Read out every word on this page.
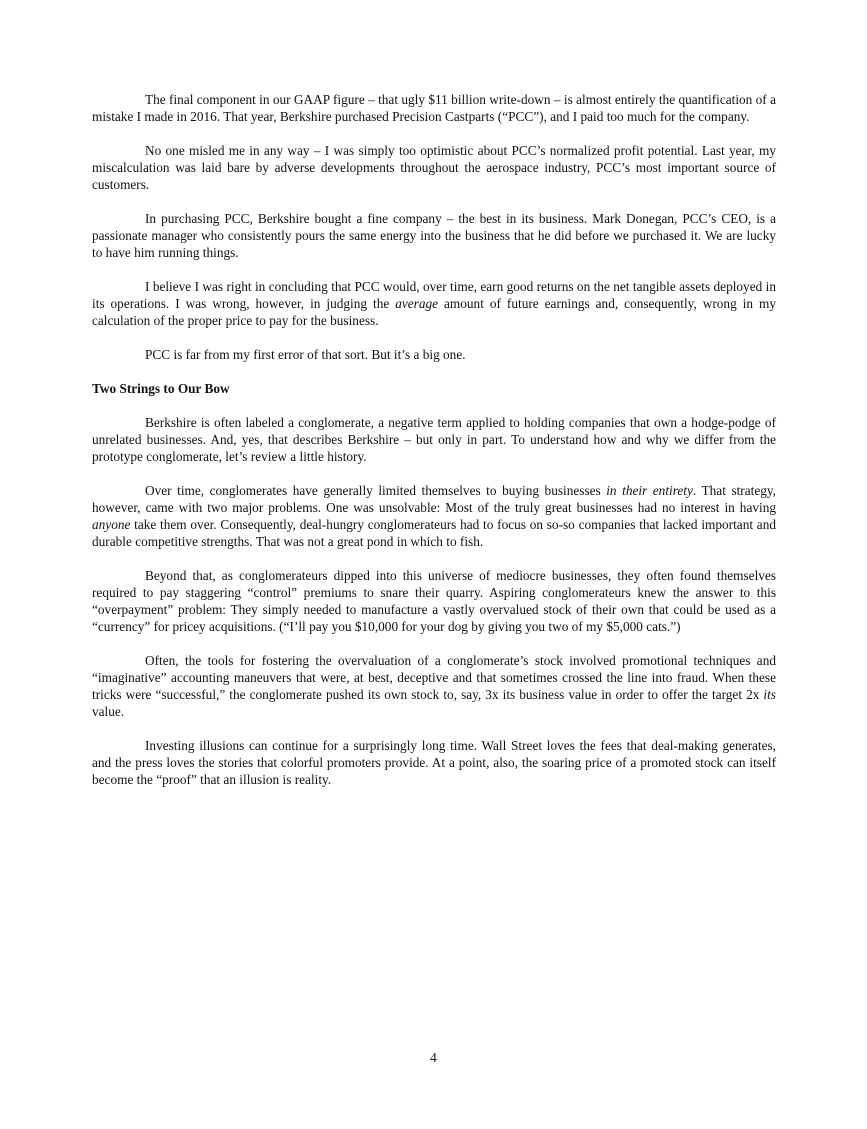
The final component in our GAAP figure – that ugly $11 billion write-down – is almost entirely the quantification of a mistake I made in 2016. That year, Berkshire purchased Precision Castparts (“PCC”), and I paid too much for the company.

No one misled me in any way – I was simply too optimistic about PCC’s normalized profit potential. Last year, my miscalculation was laid bare by adverse developments throughout the aerospace industry, PCC’s most important source of customers.

In purchasing PCC, Berkshire bought a fine company – the best in its business. Mark Donegan, PCC’s CEO, is a passionate manager who consistently pours the same energy into the business that he did before we purchased it. We are lucky to have him running things.

I believe I was right in concluding that PCC would, over time, earn good returns on the net tangible assets deployed in its operations. I was wrong, however, in judging the average amount of future earnings and, consequently, wrong in my calculation of the proper price to pay for the business.

PCC is far from my first error of that sort. But it’s a big one.

Two Strings to Our Bow

Berkshire is often labeled a conglomerate, a negative term applied to holding companies that own a hodge-podge of unrelated businesses. And, yes, that describes Berkshire – but only in part. To understand how and why we differ from the prototype conglomerate, let’s review a little history.

Over time, conglomerates have generally limited themselves to buying businesses in their entirety. That strategy, however, came with two major problems. One was unsolvable: Most of the truly great businesses had no interest in having anyone take them over. Consequently, deal-hungry conglomerateurs had to focus on so-so companies that lacked important and durable competitive strengths. That was not a great pond in which to fish.

Beyond that, as conglomerateurs dipped into this universe of mediocre businesses, they often found themselves required to pay staggering “control” premiums to snare their quarry. Aspiring conglomerateurs knew the answer to this “overpayment” problem: They simply needed to manufacture a vastly overvalued stock of their own that could be used as a “currency” for pricey acquisitions. (“I’ll pay you $10,000 for your dog by giving you two of my $5,000 cats.”)

Often, the tools for fostering the overvaluation of a conglomerate’s stock involved promotional techniques and “imaginative” accounting maneuvers that were, at best, deceptive and that sometimes crossed the line into fraud. When these tricks were “successful,” the conglomerate pushed its own stock to, say, 3x its business value in order to offer the target 2x its value.

Investing illusions can continue for a surprisingly long time. Wall Street loves the fees that deal-making generates, and the press loves the stories that colorful promoters provide. At a point, also, the soaring price of a promoted stock can itself become the “proof” that an illusion is reality.

4
